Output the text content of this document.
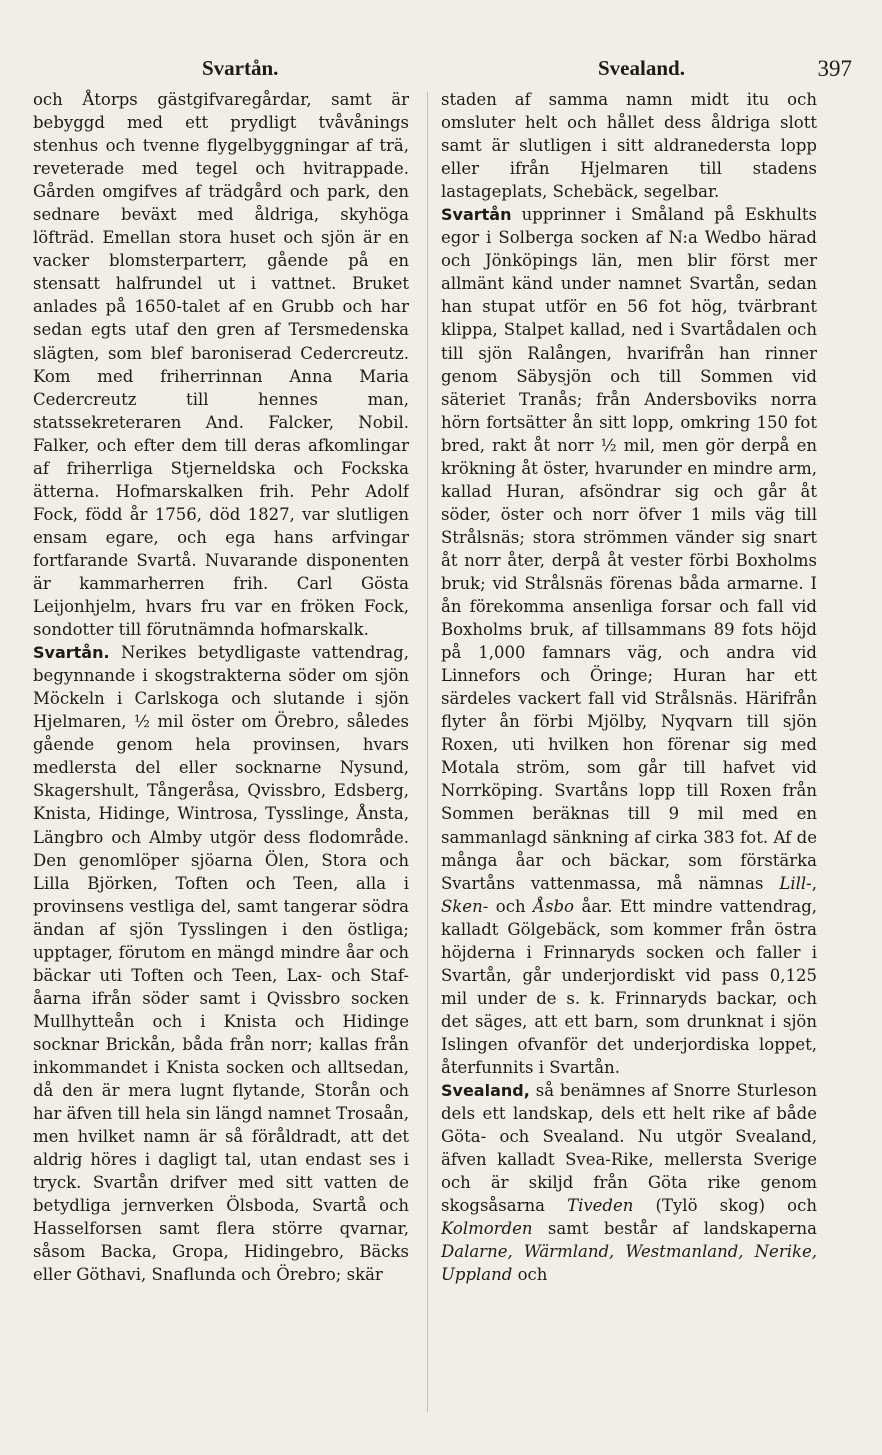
Svartån.	Svealand.	397

och Åtorps gästgifvaregårdar, samt är bebyggd med ett prydligt tvåvånings stenhus och tvenne flygelbyggningar af trä, reveterade med tegel och hvitrappade. Gården omgifves af trädgård och park, den sednare beväxt med åldriga, skyhöga löfträd. Emellan stora huset och sjön är en vacker blomsterparterr, gående på en stensatt halfrundel ut i vattnet. Bruket anlades på 1650-talet af en Grubb och har sedan egts utaf den gren af Tersmedenska slägten, som blef baroniserad Cedercreutz. Kom med friherrinnan Anna Maria Cedercreutz till hennes man, statssekreteraren And. Falcker, Nobil. Falker, och efter dem till deras afkomlingar af friherrliga Stjerneldska och Fockska ätterna. Hofmarskalken frih. Pehr Adolf Fock, född år 1756, död 1827, var slutligen ensam egare, och ega hans arfvingar fortfarande Svartå. Nuvarande disponenten är kammarherren frih. Carl Gösta Leijonhjelm, hvars fru var en fröken Fock, sondotter till förutnämnda hofmarskalk.

Svartån. Nerikes betydligaste vattendrag, begynnande i skogstrakterna söder om sjön Möckeln i Carlskoga och slutande i sjön Hjelmaren, ½ mil öster om Örebro, således gående genom hela provinsen, hvars medlersta del eller socknarne Nysund, Skagershult, Tångeråsa, Qvissbro, Edsberg, Knista, Hidinge, Wintrosa, Tysslinge, Ånsta, Längbro och Almby utgör dess flodområde. Den genomlöper sjöarna Ölen, Stora och Lilla Björken, Toften och Teen, alla i provinsens vestliga del, samt tangerar södra ändan af sjön Tysslingen i den östliga; upptager, förutom en mängd mindre åar och bäckar uti Toften och Teen, Lax- och Staf-åarna ifrån söder samt i Qvissbro socken Mullhytteån och i Knista och Hidinge socknar Brickån, båda från norr; kallas från inkommandet i Knista socken och alltsedan, då den är mera lugnt flytande, Storån och har äfven till hela sin längd namnet Trosaån, men hvilket namn är så föråldradt, att det aldrig höres i dagligt tal, utan endast ses i tryck. Svartån drifver med sitt vatten de betydliga jernverken Ölsboda, Svartå och Hasselforsen samt flera större qvarnar, såsom Backa, Gropa, Hidingebro, Bäcks eller Göthavi, Snaflunda och Örebro; skär

staden af samma namn midt itu och omsluter helt och hållet dess åldriga slott samt är slutligen i sitt aldranedersta lopp eller ifrån Hjelmaren till stadens lastageplats, Schebäck, segelbar.

Svartån upprinner i Småland på Eskhults egor i Solberga socken af N:a Wedbo härad och Jönköpings län, men blir först mer allmänt känd under namnet Svartån, sedan han stupat utför en 56 fot hög, tvärbrant klippa, Stalpet kallad, ned i Svartådalen och till sjön Ralången, hvarifrån han rinner genom Säbysjön och till Sommen vid säteriet Tranås; från Andersboviks norra hörn fortsätter ån sitt lopp, omkring 150 fot bred, rakt åt norr ½ mil, men gör derpå en krökning åt öster, hvarunder en mindre arm, kallad Huran, afsöndrar sig och går åt söder, öster och norr öfver 1 mils väg till Strålsnäs; stora strömmen vänder sig snart åt norr åter, derpå åt vester förbi Boxholms bruk; vid Strålsnäs förenas båda armarne. I ån förekomma ansenliga forsar och fall vid Boxholms bruk, af tillsammans 89 fots höjd på 1,000 famnars väg, och andra vid Linnefors och Öringe; Huran har ett särdeles vackert fall vid Strålsnäs. Härifrån flyter ån förbi Mjölby, Nyqvarn till sjön Roxen, uti hvilken hon förenar sig med Motala ström, som går till hafvet vid Norrköping. Svartåns lopp till Roxen från Sommen beräknas till 9 mil med en sammanlagd sänkning af cirka 383 fot. Af de många åar och bäckar, som förstärka Svartåns vattenmassa, må nämnas Lill-, Sken- och Åsbo åar. Ett mindre vattendrag, kalladt Gölgebäck, som kommer från östra höjderna i Frinnaryds socken och faller i Svartån, går underjordiskt vid pass 0,125 mil under de s. k. Frinnaryds backar, och det säges, att ett barn, som drunknat i sjön Islingen ofvanför det underjordiska loppet, återfunnits i Svartån.

Svealand, så benämnes af Snorre Sturleson dels ett landskap, dels ett helt rike af både Göta- och Svealand. Nu utgör Svealand, äfven kalladt Svea-Rike, mellersta Sverige och är skiljd från Göta rike genom skogsåsarna Tiveden (Tylö skog) och Kolmorden samt består af landskaperna Dalarne, Wärmland, Westmanland, Nerike, Uppland och
